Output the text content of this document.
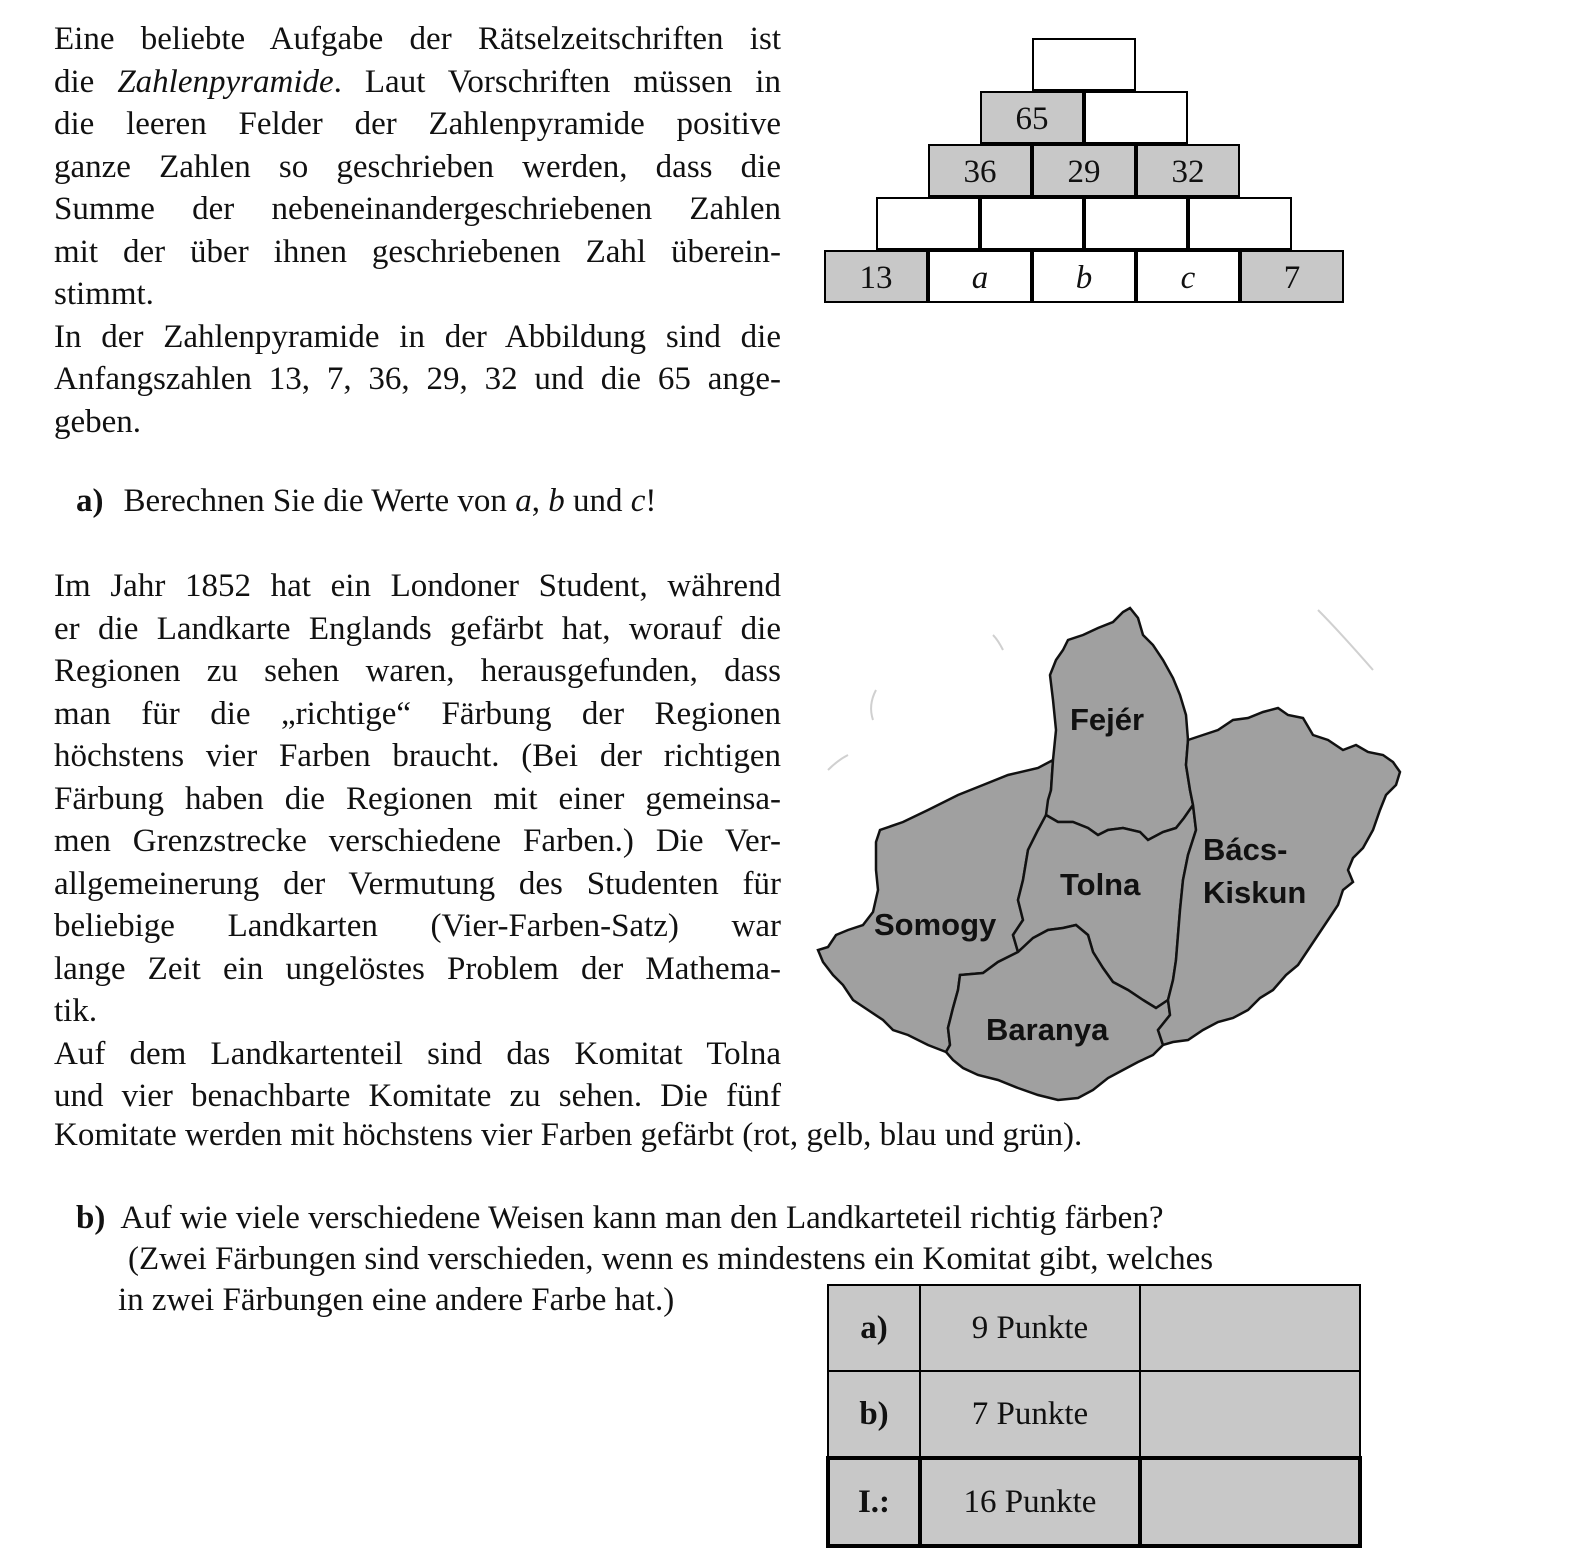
Eine beliebte Aufgabe der Rätselzeitschriften ist
die Zahlenpyramide. Laut Vorschriften müssen in
die leeren Felder der Zahlenpyramide positive
ganze Zahlen so geschrieben werden, dass die
Summe der nebeneinandergeschriebenen Zahlen
mit der über ihnen geschriebenen Zahl überein-
stimmt.
In der Zahlenpyramide in der Abbildung sind die
Anfangszahlen 13, 7, 36, 29, 32 und die 65 ange-
geben.
a) Berechnen Sie die Werte von a, b und c!
65
36	29	32
13	a	b	c	7
Im Jahr 1852 hat ein Londoner Student, während
er die Landkarte Englands gefärbt hat, worauf die
Regionen zu sehen waren, herausgefunden, dass
man für die „richtige“ Färbung der Regionen
höchstens vier Farben braucht. (Bei der richtigen
Färbung haben die Regionen mit einer gemeinsa-
men Grenzstrecke verschiedene Farben.) Die Ver-
allgemeinerung der Vermutung des Studenten für
beliebige Landkarten (Vier-Farben-Satz) war
lange Zeit ein ungelöstes Problem der Mathema-
tik.
Auf dem Landkartenteil sind das Komitat Tolna
und vier benachbarte Komitate zu sehen. Die fünf
Komitate werden mit höchstens vier Farben gefärbt (rot, gelb, blau und grün).
Fejér
Tolna
Bács-
Kiskun
Somogy
Baranya
b) Auf wie viele verschiedene Weisen kann man den Landkarteteil richtig färben?
(Zwei Färbungen sind verschieden, wenn es mindestens ein Komitat gibt, welches
in zwei Färbungen eine andere Farbe hat.)
a)	9 Punkte	
b)	7 Punkte	
I.:	16 Punkte	
